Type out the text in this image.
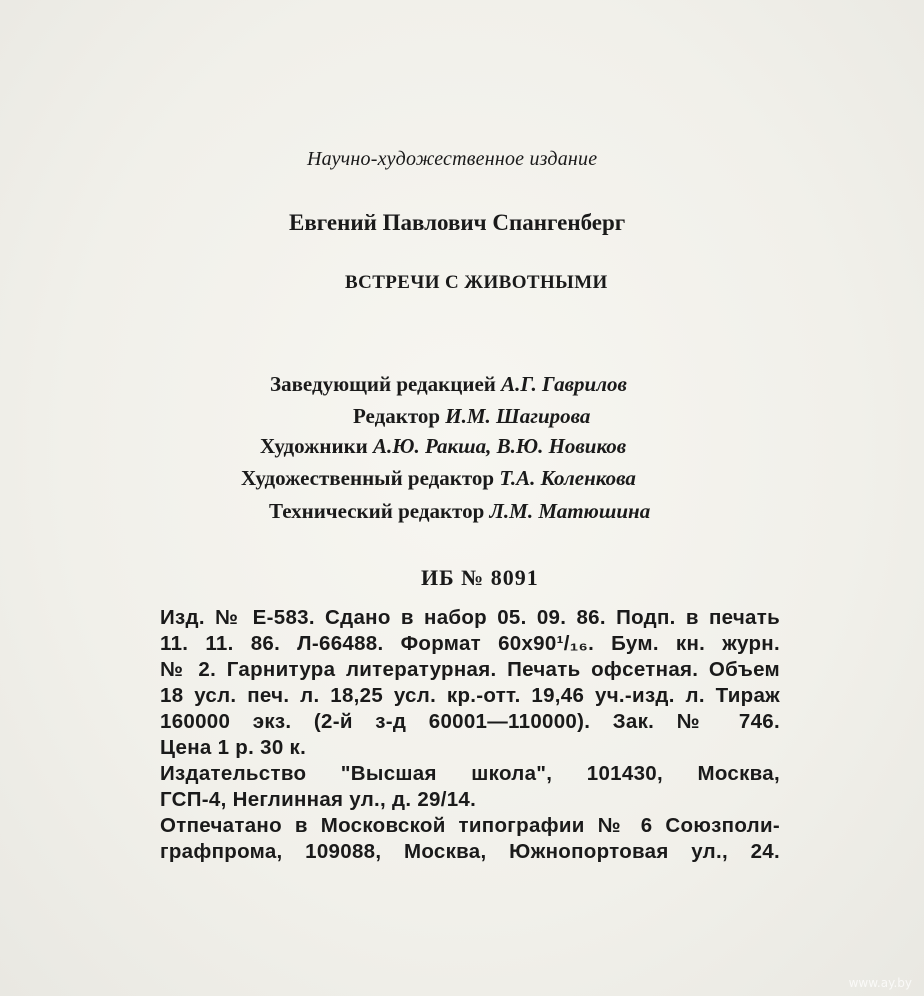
Научно-художественное издание

Евгений Павлович Спангенберг

ВСТРЕЧИ С ЖИВОТНЫМИ

Заведующий редакцией А.Г. Гаврилов

Редактор И.М. Шагирова

Художники А.Ю. Ракша, В.Ю. Новиков

Художественный редактор Т.А. Коленкова

Технический редактор Л.М. Матюшина

ИБ № 8091

Изд. № Е-583. Сдано в набор 05. 09. 86. Подп. в печать
11. 11. 86. Л-66488. Формат 60х90¹/₁₆. Бум. кн. журн.
№ 2. Гарнитура литературная. Печать офсетная. Объем
18 усл. печ. л. 18,25 усл. кр.-отт. 19,46 уч.-изд. л. Тираж
160000 экз. (2-й з-д 60001—110000). Зак. № 746.
Цена 1 р. 30 к.
Издательство "Высшая школа", 101430, Москва,
ГСП-4, Неглинная ул., д. 29/14.
Отпечатано в Московской типографии № 6 Союзполи-
графпрома, 109088, Москва, Южнопортовая ул., 24.
www.ay.by
